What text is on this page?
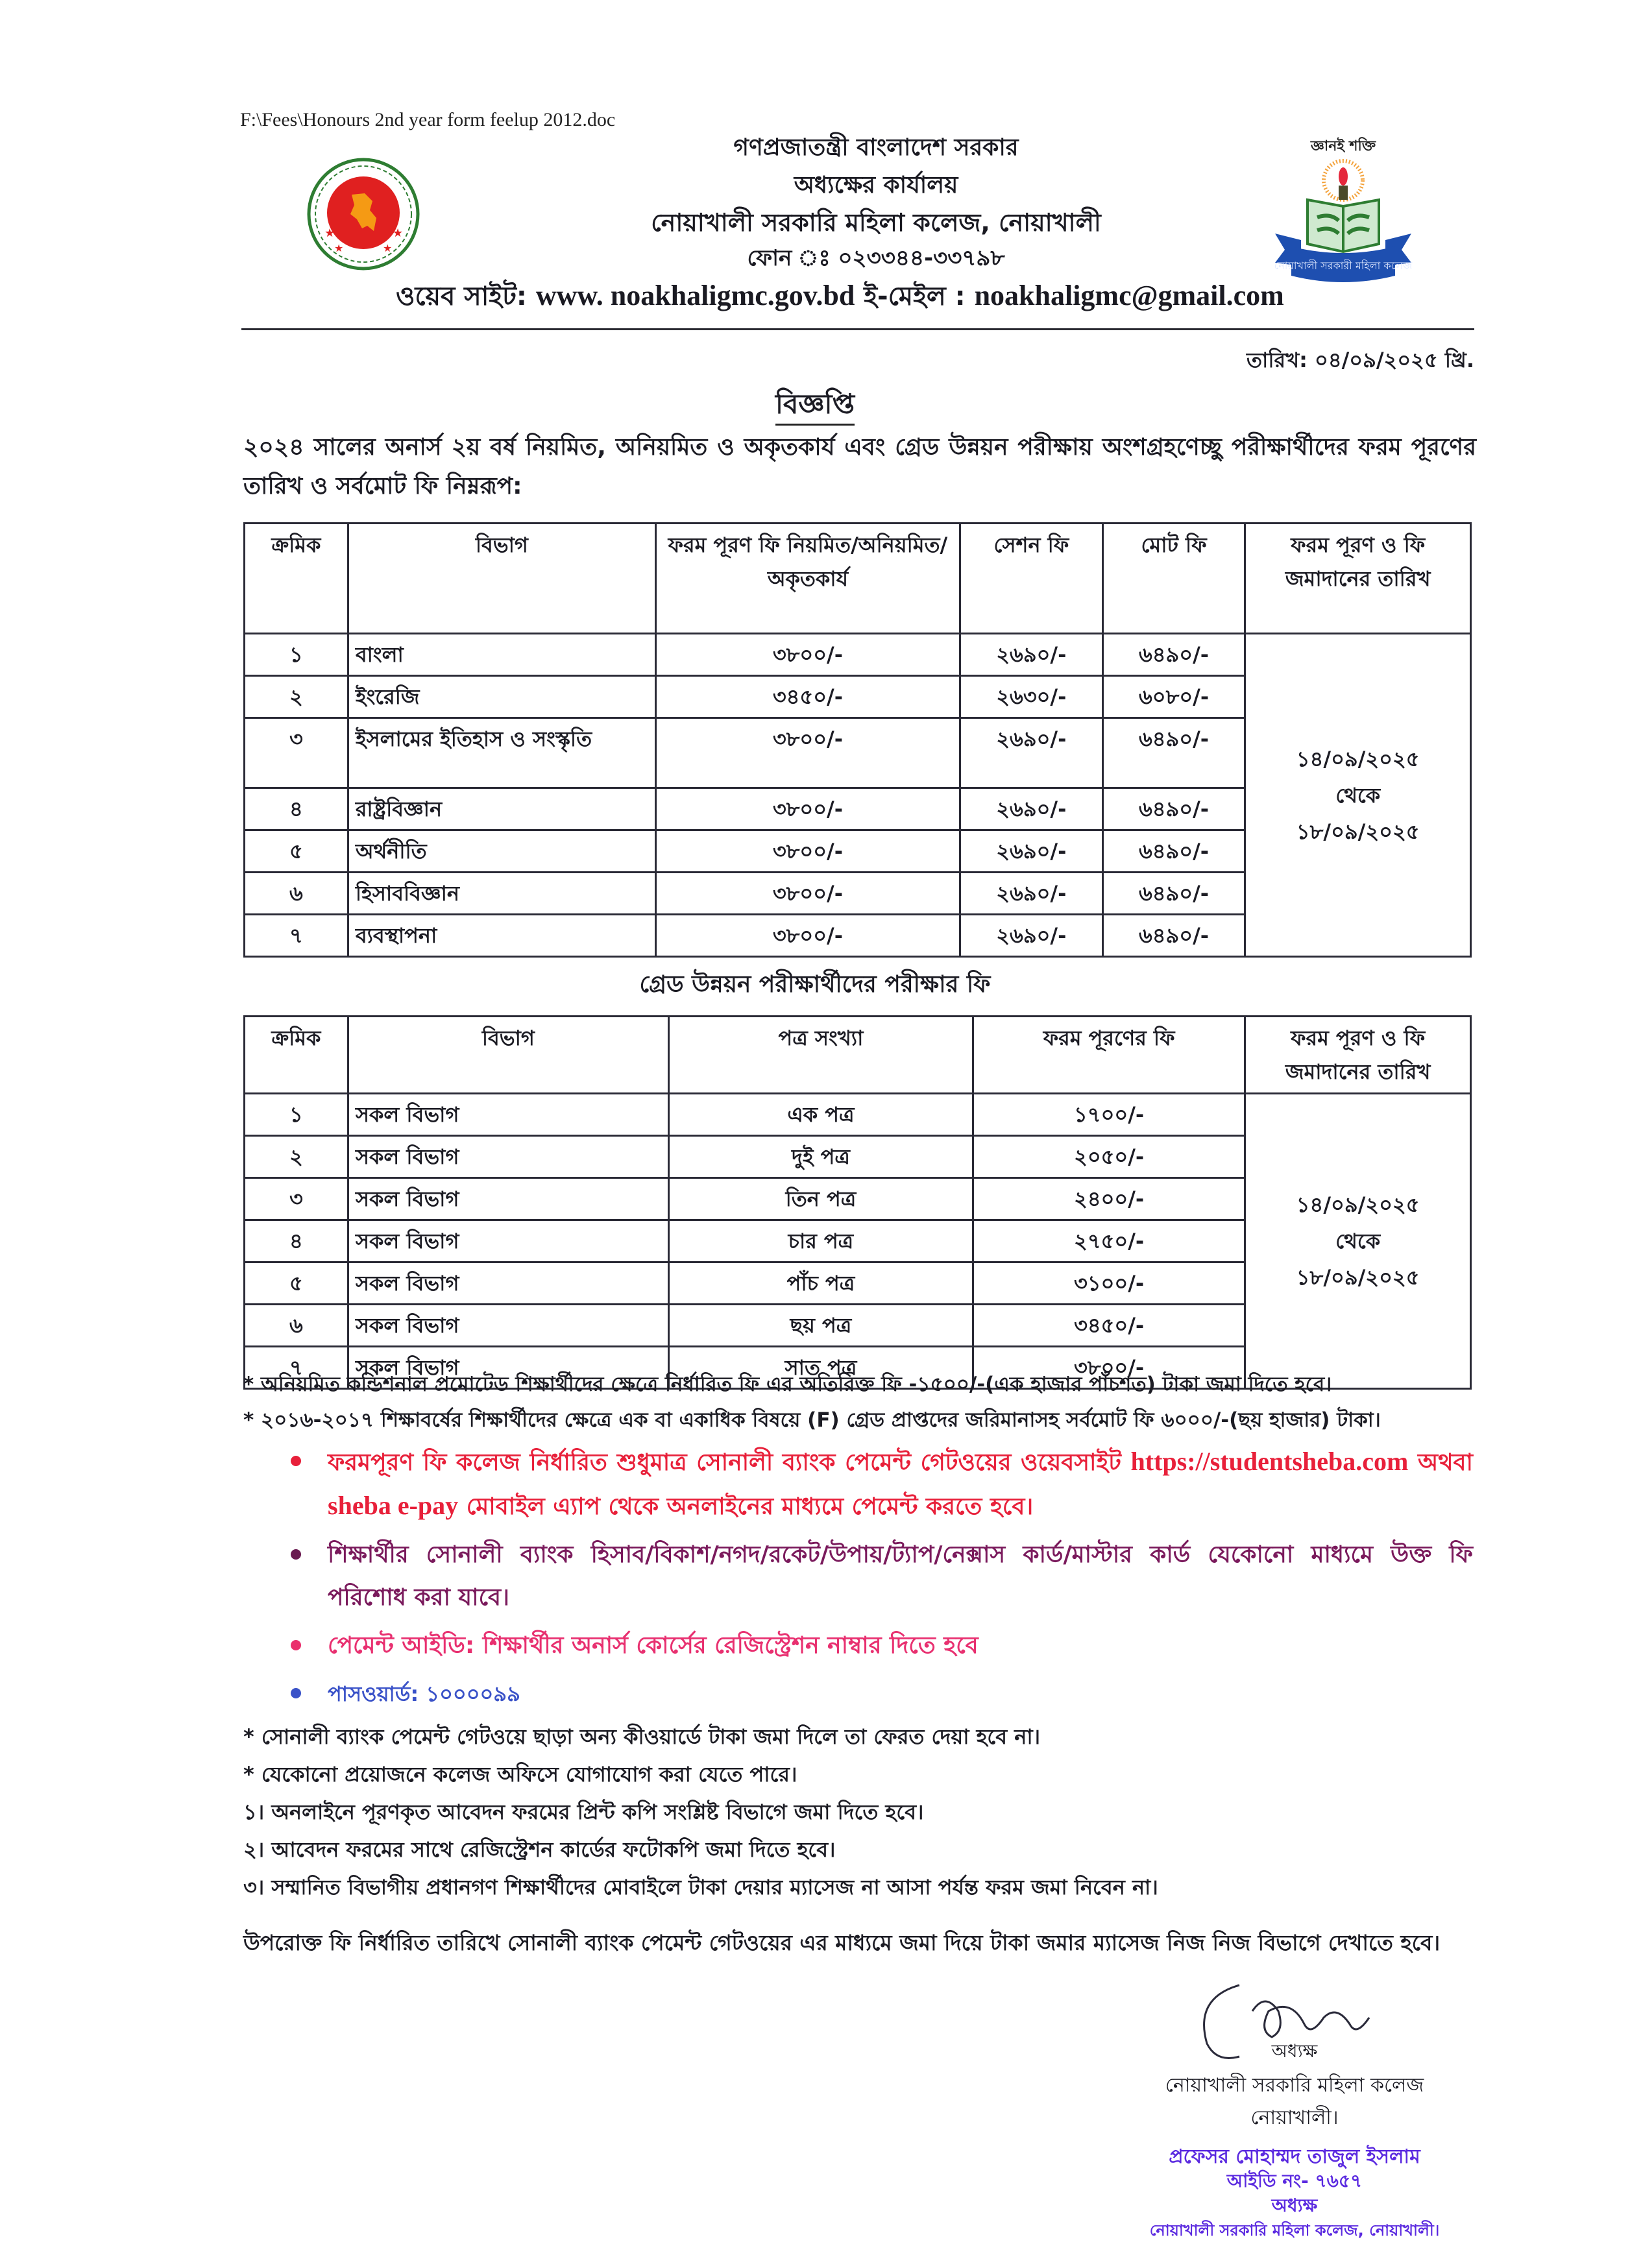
F:\Fees\Honours 2nd year form feelup 2012.doc
★	★
★	★
গণপ্রজাতন্ত্রী বাংলাদেশ সরকার
অধ্যক্ষের কার্যালয়
নোয়াখালী সরকারি মহিলা কলেজ, নোয়াখালী
জ্ঞানই শক্তি
নোয়াখালী সরকারী মহিলা কলেজ
ফোন ঃ ০২৩৩৪৪-৩৩৭৯৮
ওয়েব সাইট: www. noakhaligmc.gov.bd ই-মেইল : noakhaligmc@gmail.com
তারিখ: ০৪/০৯/২০২৫ খ্রি.
বিজ্ঞপ্তি
২০২৪ সালের অনার্স ২য় বর্ষ নিয়মিত, অনিয়মিত ও অকৃতকার্য এবং গ্রেড উন্নয়ন পরীক্ষায় অংশগ্রহণেচ্ছু পরীক্ষার্থীদের ফরম পূরণের তারিখ ও সর্বমোট ফি নিম্নরূপ:
ক্রমিক	বিভাগ	ফরম পূরণ ফি নিয়মিত/অনিয়মিত/ অকৃতকার্য	সেশন ফি	মোট ফি	ফরম পূরণ ও ফি জমাদানের তারিখ
১	বাংলা	৩৮০০/-	২৬৯০/-	৬৪৯০/-	১৪/০৯/২০২৫
থেকে
১৮/০৯/২০২৫

২	ইংরেজি	৩৪৫০/-	২৬৩০/-	৬০৮০/-	
৩	ইসলামের ইতিহাস ও সংস্কৃতি	৩৮০০/-	২৬৯০/-	৬৪৯০/-	
৪	রাষ্ট্রবিজ্ঞান	৩৮০০/-	২৬৯০/-	৬৪৯০/-	
৫	অর্থনীতি	৩৮০০/-	২৬৯০/-	৬৪৯০/-	
৬	হিসাববিজ্ঞান	৩৮০০/-	২৬৯০/-	৬৪৯০/-	
৭	ব্যবস্থাপনা	৩৮০০/-	২৬৯০/-	৬৪৯০/-	
গ্রেড উন্নয়ন পরীক্ষার্থীদের পরীক্ষার ফি
ক্রমিক	বিভাগ	পত্র সংখ্যা	ফরম পূরণের ফি	ফরম পূরণ ও ফি জমাদানের তারিখ
১	সকল বিভাগ	এক পত্র	১৭০০/-	১৪/০৯/২০২৫
থেকে
১৮/০৯/২০২৫

২	সকল বিভাগ	দুই পত্র	২০৫০/-	
৩	সকল বিভাগ	তিন পত্র	২৪০০/-	
৪	সকল বিভাগ	চার পত্র	২৭৫০/-	
৫	সকল বিভাগ	পাঁচ পত্র	৩১০০/-	
৬	সকল বিভাগ	ছয় পত্র	৩৪৫০/-	
৭	সকল বিভাগ	সাত পত্র	৩৮০০/-	
* অনিয়মিত কন্ডিশনাল প্রমোটেড শিক্ষার্থীদের ক্ষেত্রে নির্ধারিত ফি এর অতিরিক্ত ফি -১৫০০/-(এক হাজার পাঁচশত) টাকা জমা দিতে হবে।
* ২০১৬-২০১৭ শিক্ষাবর্ষের শিক্ষার্থীদের ক্ষেত্রে এক বা একাধিক বিষয়ে (F) গ্রেড প্রাপ্তদের জরিমানাসহ সর্বমোট ফি ৬০০০/-(ছয় হাজার) টাকা।
ফরমপূরণ ফি কলেজ নির্ধারিত শুধুমাত্র সোনালী ব্যাংক পেমেন্ট গেটওয়ের ওয়েবসাইট https://studentsheba.com অথবা sheba e-pay মোবাইল এ্যাপ থেকে অনলাইনের মাধ্যমে পেমেন্ট করতে হবে।
শিক্ষার্থীর সোনালী ব্যাংক হিসাব/বিকাশ/নগদ/রকেট/উপায়/ট্যাপ/নেক্সাস কার্ড/মাস্টার কার্ড যেকোনো মাধ্যমে উক্ত ফি পরিশোধ করা যাবে।
পেমেন্ট আইডি: শিক্ষার্থীর অনার্স কোর্সের রেজিস্ট্রেশন নাম্বার দিতে হবে
পাসওয়ার্ড: ১০০০০৯৯
* সোনালী ব্যাংক পেমেন্ট গেটওয়ে ছাড়া অন্য কীওয়ার্ডে টাকা জমা দিলে তা ফেরত দেয়া হবে না।
* যেকোনো প্রয়োজনে কলেজ অফিসে যোগাযোগ করা যেতে পারে।
১। অনলাইনে পূরণকৃত আবেদন ফরমের প্রিন্ট কপি সংশ্লিষ্ট বিভাগে জমা দিতে হবে।
২। আবেদন ফরমের সাথে রেজিস্ট্রেশন কার্ডের ফটোকপি জমা দিতে হবে।
৩। সম্মানিত বিভাগীয় প্রধানগণ শিক্ষার্থীদের মোবাইলে টাকা দেয়ার ম্যাসেজ না আসা পর্যন্ত ফরম জমা নিবেন না।
উপরোক্ত ফি নির্ধারিত তারিখে সোনালী ব্যাংক পেমেন্ট গেটওয়ের এর মাধ্যমে জমা দিয়ে টাকা জমার ম্যাসেজ নিজ নিজ বিভাগে দেখাতে হবে।
অধ্যক্ষ
নোয়াখালী সরকারি মহিলা কলেজ
নোয়াখালী।
প্রফেসর মোহাম্মদ তাজুল ইসলাম
আইডি নং- ৭৬৫৭
অধ্যক্ষ
নোয়াখালী সরকারি মহিলা কলেজ, নোয়াখালী।
